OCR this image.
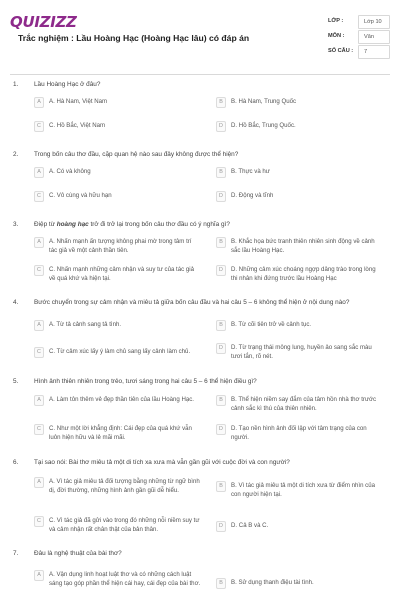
QUIZIZZ
Trắc nghiệm : Lầu Hoàng Hạc (Hoàng Hạc lâu) có đáp án
LỚP :	Lớp 10
MÔN :	Văn
SỐ CÂU :	7
1. Lầu Hoàng Hạc ở đâu?
A	A. Hà Nam, Việt Nam	B	B. Hà Nam, Trung Quốc
C	C. Hồ Bắc, Việt Nam	D	D. Hồ Bắc, Trung Quốc.
2. Trong bốn câu thơ đầu, cặp quan hệ nào sau đây không được thể hiện?
A	A. Có và không	B	B. Thực và hư
C	C. Vô cùng và hữu hạn	D	D. Động và tĩnh
3. Điệp từ hoàng hạc trở đi trở lại trong bốn câu thơ đầu có ý nghĩa gì?
A	A. Nhấn mạnh ấn tượng không phai mờ trong tâm trí tác giả về một cảnh thần tiên.
B	B. Khắc họa bức tranh thiên nhiên sinh động về cảnh sắc lầu Hoàng Hạc.
C	C. Nhấn mạnh những cảm nhận và suy tư của tác giả về quá khứ và hiện tại.
D	D. Những cảm xúc choáng ngợp dâng trào trong lòng thi nhân khi đứng trước lầu Hoàng Hạc
4. Bước chuyển trong sự cảm nhận và miêu tả giữa bốn câu đầu và hai câu 5 – 6 không thể hiện ở nội dung nào?
A	A. Từ tả cảnh sang tả tình.	B	B. Từ cõi tiên trở về cảnh tục.
C	C. Từ cảm xúc lấy ý làm chủ sang lấy cảnh làm chủ.	D	D. Từ trạng thái mông lung, huyền ảo sang sắc màu tươi tắn, rõ nét.
5. Hình ảnh thiên nhiên trong trẻo, tươi sáng trong hai câu 5 – 6 thể hiện điều gì?
A	A. Làm tôn thêm vẻ đẹp thần tiên của lầu Hoàng Hạc.	B	B. Thể hiện niềm say đắm của tâm hồn nhà thơ trước cảnh sắc kì thú của thiên nhiên.
C	C. Như một lời khẳng định: Cái đẹp của quá khứ vẫn luôn hiện hữu và lẻ mãi mãi.
D	D. Tạo nền hình ảnh đối lập với tâm trạng của con người.
6. Tại sao nói: Bài thơ miêu tả một di tích xa xưa mà vẫn gần gũi với cuộc đời và con người?
A	A. Vì tác giả miêu tả đối tượng bằng những từ ngữ bình dị, đời thường, những hình ảnh gần gũi dễ hiểu.
B	B. Vì tác giả miêu tả một di tích xưa từ điểm nhìn của con người hiện tại.
C	C. Vì tác giả đã gửi vào trong đó những nỗi niềm suy tư và cảm nhận rất chân thật của bản thân.	D	D. Cả B và C.
7. Đâu là nghệ thuật của bài thơ?
A	A. Vận dụng linh hoạt luật thơ và có những cách luật sáng tạo góp phần thể hiện cái hay, cái đẹp của bài thơ.	B	B. Sử dụng thanh điệu tài tình.
